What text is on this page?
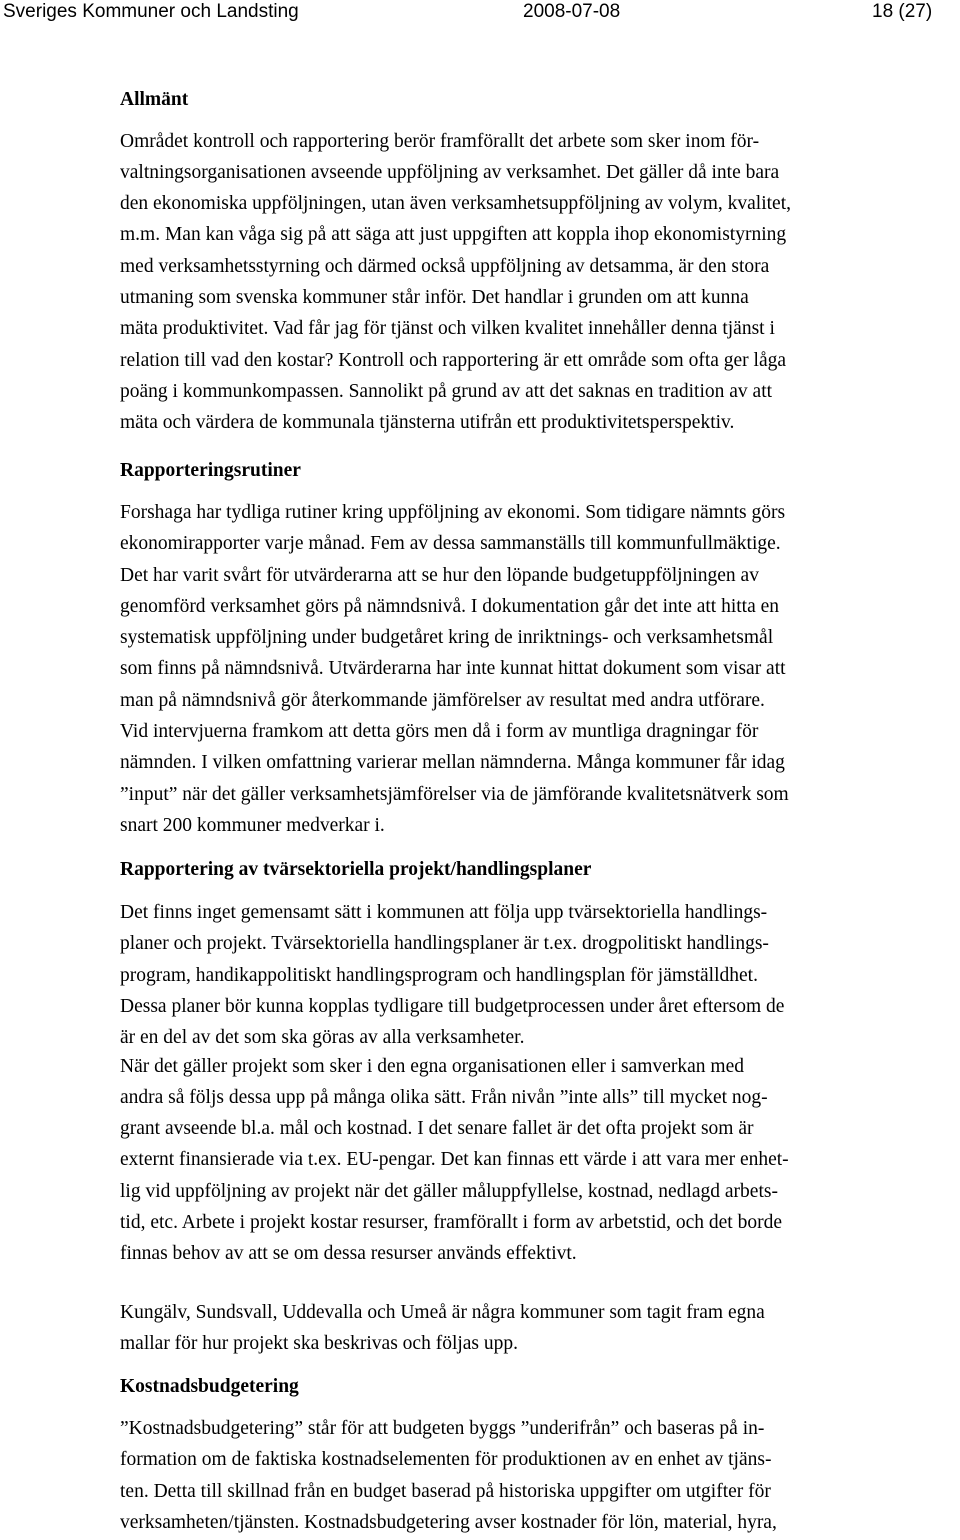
Sveriges Kommuner och Landsting	2008-07-08	18 (27)
Allmänt
Området kontroll och rapportering berör framförallt det arbete som sker inom för-
valtningsorganisationen avseende uppföljning av verksamhet. Det gäller då inte bara
den ekonomiska uppföljningen, utan även verksamhetsuppföljning av volym, kvalitet,
m.m. Man kan våga sig på att säga att just uppgiften att koppla ihop ekonomistyrning
med verksamhetsstyrning och därmed också uppföljning av detsamma, är den stora
utmaning som svenska kommuner står inför. Det handlar i grunden om att kunna
mäta produktivitet. Vad får jag för tjänst och vilken kvalitet innehåller denna tjänst i
relation till vad den kostar? Kontroll och rapportering är ett område som ofta ger låga
poäng i kommunkompassen. Sannolikt på grund av att det saknas en tradition av att
mäta och värdera de kommunala tjänsterna utifrån ett produktivitetsperspektiv.
Rapporteringsrutiner
Forshaga har tydliga rutiner kring uppföljning av ekonomi. Som tidigare nämnts görs
ekonomirapporter varje månad. Fem av dessa sammanställs till kommunfullmäktige.
Det har varit svårt för utvärderarna att se hur den löpande budgetuppföljningen av
genomförd verksamhet görs på nämndsnivå. I dokumentation går det inte att hitta en
systematisk uppföljning under budgetåret kring de inriktnings- och verksamhetsmål
som finns på nämndsnivå. Utvärderarna har inte kunnat hittat dokument som visar att
man på nämndsnivå gör återkommande jämförelser av resultat med andra utförare.
Vid intervjuerna framkom att detta görs men då i form av muntliga dragningar för
nämnden. I vilken omfattning varierar mellan nämnderna. Många kommuner får idag
”input” när det gäller verksamhetsjämförelser via de jämförande kvalitetsnätverk som
snart 200 kommuner medverkar i.
Rapportering av tvärsektoriella projekt/handlingsplaner
Det finns inget gemensamt sätt i kommunen att följa upp tvärsektoriella handlings-
planer och projekt. Tvärsektoriella handlingsplaner är t.ex. drogpolitiskt handlings-
program, handikappolitiskt handlingsprogram och handlingsplan för jämställdhet.
Dessa planer bör kunna kopplas tydligare till budgetprocessen under året eftersom de
är en del av det som ska göras av alla verksamheter.
När det gäller projekt som sker i den egna organisationen eller i samverkan med
andra så följs dessa upp på många olika sätt. Från nivån ”inte alls” till mycket nog-
grant avseende bl.a. mål och kostnad. I det senare fallet är det ofta projekt som är
externt finansierade via t.ex. EU-pengar. Det kan finnas ett värde i att vara mer enhet-
lig vid uppföljning av projekt när det gäller måluppfyllelse, kostnad, nedlagd arbets-
tid, etc. Arbete i projekt kostar resurser, framförallt i form av arbetstid, och det borde
finnas behov av att se om dessa resurser används effektivt.
Kungälv, Sundsvall, Uddevalla och Umeå är några kommuner som tagit fram egna
mallar för hur projekt ska beskrivas och följas upp.
Kostnadsbudgetering
”Kostnadsbudgetering” står för att budgeten byggs ”underifrån” och baseras på in-
formation om de faktiska kostnadselementen för produktionen av en enhet av tjäns-
ten. Detta till skillnad från en budget baserad på historiska uppgifter om utgifter för
verksamheten/tjänsten. Kostnadsbudgetering avser kostnader för lön, material, hyra,
